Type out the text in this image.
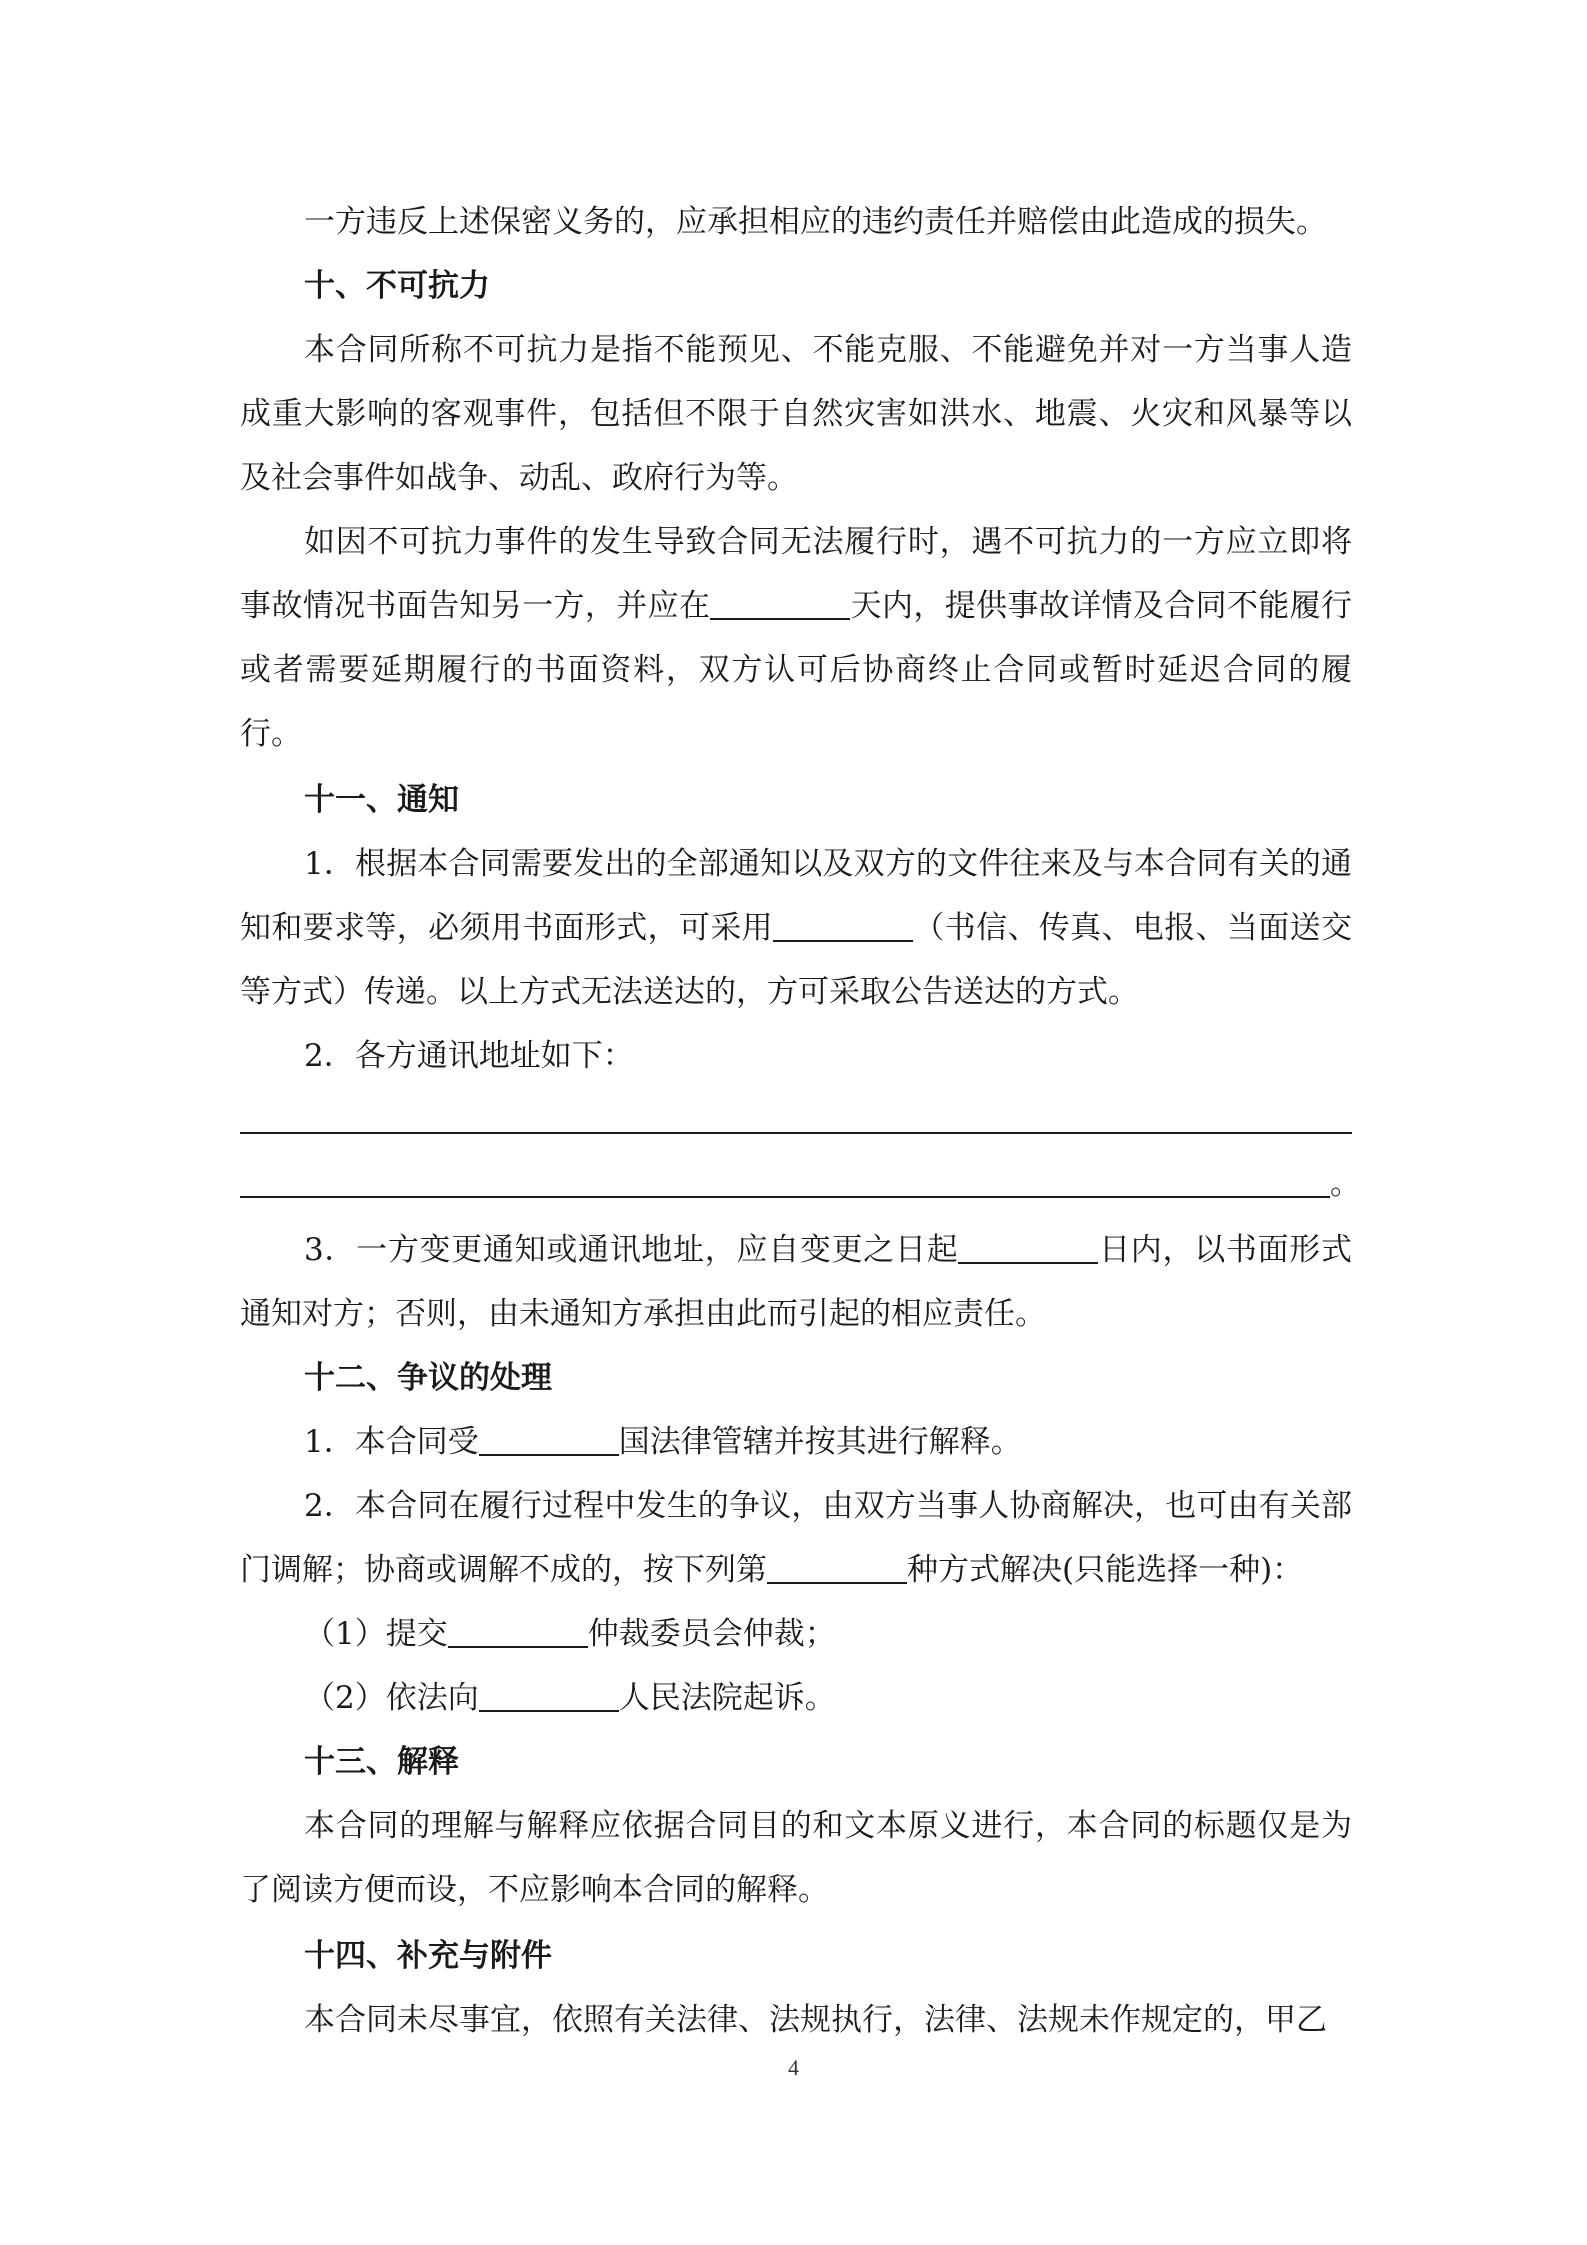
一方违反上述保密义务的，应承担相应的违约责任并赔偿由此造成的损失。

十、不可抗力

本合同所称不可抗力是指不能预见、不能克服、不能避免并对一方当事人造成重大影响的客观事件，包括但不限于自然灾害如洪水、地震、火灾和风暴等以及社会事件如战争、动乱、政府行为等。

如因不可抗力事件的发生导致合同无法履行时，遇不可抗力的一方应立即将事故情况书面告知另一方，并应在	天内，提供事故详情及合同不能履行或者需要延期履行的书面资料，双方认可后协商终止合同或暂时延迟合同的履行。

十一、通知

1．根据本合同需要发出的全部通知以及双方的文件往来及与本合同有关的通知和要求等，必须用书面形式，可采用	（书信、传真、电报、当面送交等方式）传递。以上方式无法送达的，方可采取公告送达的方式。

2．各方通讯地址如下：

。

3．一方变更通知或通讯地址，应自变更之日起	日内，以书面形式通知对方；否则，由未通知方承担由此而引起的相应责任。

十二、争议的处理

1．本合同受	国法律管辖并按其进行解释。

2．本合同在履行过程中发生的争议，由双方当事人协商解决，也可由有关部门调解；协商或调解不成的，按下列第	种方式解决(只能选择一种)：

（1）提交	仲裁委员会仲裁；

（2）依法向	人民法院起诉。

十三、解释

本合同的理解与解释应依据合同目的和文本原义进行，本合同的标题仅是为了阅读方便而设，不应影响本合同的解释。

十四、补充与附件

本合同未尽事宜，依照有关法律、法规执行，法律、法规未作规定的，甲乙

4
